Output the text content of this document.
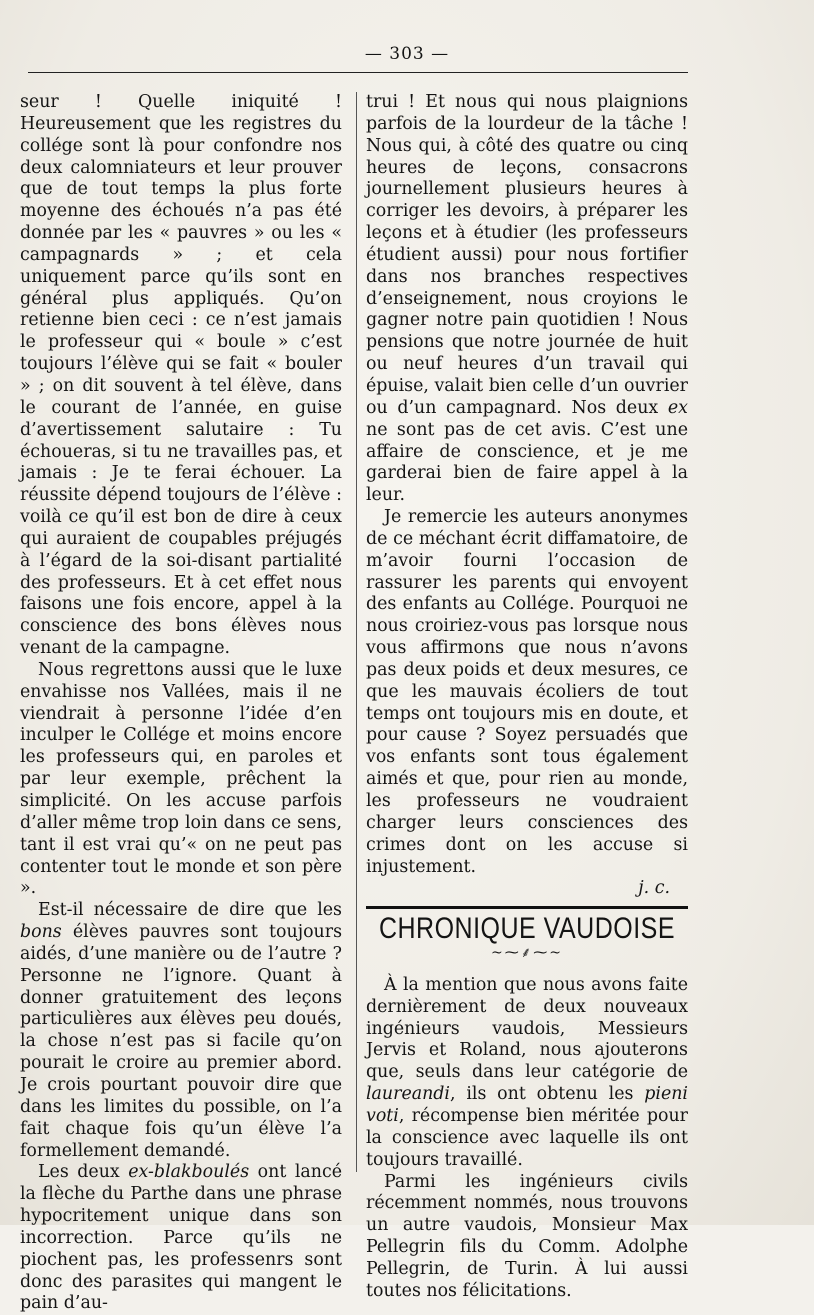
— 303 —

seur ! Quelle iniquité ! Heureusement que les registres du collége sont là pour confondre nos deux calomniateurs et leur prouver que de tout temps la plus forte moyenne des échoués n’a pas été donnée par les « pauvres » ou les « campagnards » ; et cela uniquement parce qu’ils sont en général plus appliqués. Qu’on retienne bien ceci : ce n’est jamais le professeur qui « boule » c’est toujours l’élève qui se fait « bouler » ; on dit souvent à tel élève, dans le courant de l’année, en guise d’avertissement salutaire : Tu échoueras, si tu ne travailles pas, et jamais : Je te ferai échouer. La réussite dépend toujours de l’élève : voilà ce qu’il est bon de dire à ceux qui auraient de coupables préjugés à l’égard de la soi-disant partialité des professeurs. Et à cet effet nous faisons une fois encore, appel à la conscience des bons élèves nous venant de la campagne.

Nous regrettons aussi que le luxe envahisse nos Vallées, mais il ne viendrait à personne l’idée d’en inculper le Collége et moins encore les professeurs qui, en paroles et par leur exemple, prêchent la simplicité. On les accuse parfois d’aller même trop loin dans ce sens, tant il est vrai qu’« on ne peut pas contenter tout le monde et son père ».

Est-il nécessaire de dire que les bons élèves pauvres sont toujours aidés, d’une manière ou de l’autre ? Personne ne l’ignore. Quant à donner gratuitement des leçons particulières aux élèves peu doués, la chose n’est pas si facile qu’on pourait le croire au premier abord. Je crois pourtant pouvoir dire que dans les limites du possible, on l’a fait chaque fois qu’un élève l’a formellement demandé.

Les deux ex-blakboulés ont lancé la flèche du Parthe dans une phrase hypocritement unique dans son incorrection. Parce qu’ils ne piochent pas, les professenrs sont donc des parasites qui mangent le pain d’au-

trui ! Et nous qui nous plaignions parfois de la lourdeur de la tâche ! Nous qui, à côté des quatre ou cinq heures de leçons, consacrons journellement plusieurs heures à corriger les devoirs, à préparer les leçons et à étudier (les professeurs étudient aussi) pour nous fortifier dans nos branches respectives d’enseignement, nous croyions le gagner notre pain quotidien ! Nous pensions que notre journée de huit ou neuf heures d’un travail qui épuise, valait bien celle d’un ouvrier ou d’un campagnard. Nos deux ex ne sont pas de cet avis. C’est une affaire de conscience, et je me garderai bien de faire appel à la leur.

Je remercie les auteurs anonymes de ce méchant écrit diffamatoire, de m’avoir fourni l’occasion de rassurer les parents qui envoyent des enfants au Collége. Pourquoi ne nous croiriez-vous pas lorsque nous vous affirmons que nous n’avons pas deux poids et deux mesures, ce que les mauvais écoliers de tout temps ont toujours mis en doute, et pour cause ? Soyez persuadés que vos enfants sont tous également aimés et que, pour rien au monde, les professeurs ne voudraient charger leurs consciences des crimes dont on les accuse si injustement.

j. c.
CHRONIQUE VAUDOISE
~⁓⸙⁓~

À la mention que nous avons faite dernièrement de deux nouveaux ingénieurs vaudois, Messieurs Jervis et Roland, nous ajouterons que, seuls dans leur catégorie de laureandi, ils ont obtenu les pieni voti, récompense bien méritée pour la conscience avec laquelle ils ont toujours travaillé.

Parmi les ingénieurs civils récemment nommés, nous trouvons un autre vaudois, Monsieur Max Pellegrin fils du Comm. Adolphe Pellegrin, de Turin. À lui aussi toutes nos félicitations.
